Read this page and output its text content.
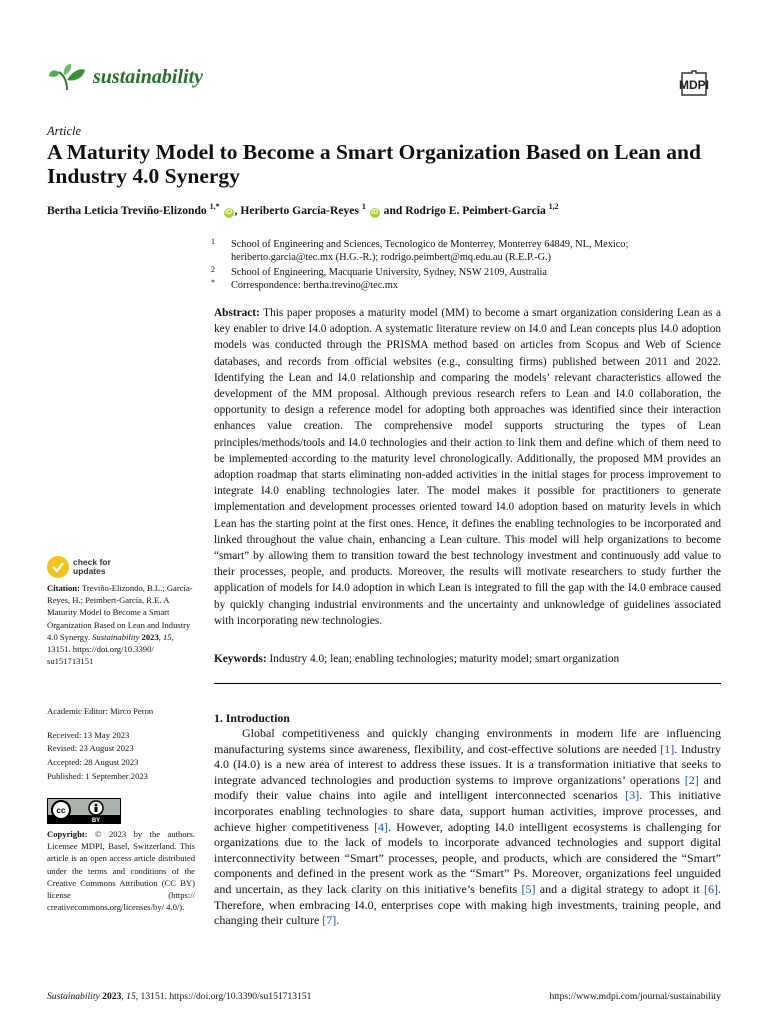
sustainability	MDPI
Article
A Maturity Model to Become a Smart Organization Based on Lean and Industry 4.0 Synergy
Bertha Leticia Treviño-Elizondo $^{1,*}$ iD , Heriberto García-Reyes $^1$ iD and Rodrigo E. Peimbert-García $^{1,2}$
1 School of Engineering and Sciences, Tecnologico de Monterrey, Monterrey 64849, NL, Mexico; heriberto.garcia@tec.mx (H.G.-R.); rodrigo.peimbert@mq.edu.au (R.E.P.-G.)
2 School of Engineering, Macquarie University, Sydney, NSW 2109, Australia
* Correspondence: bertha.trevino@tec.mx
Abstract: This paper proposes a maturity model (MM) to become a smart organization considering Lean as a key enabler to drive I4.0 adoption. A systematic literature review on I4.0 and Lean concepts plus I4.0 adoption models was conducted through the PRISMA method based on articles from Scopus and Web of Science databases, and records from official websites (e.g., consulting firms) published between 2011 and 2022. Identifying the Lean and I4.0 relationship and comparing the models’ relevant characteristics allowed the development of the MM proposal. Although previous research refers to Lean and I4.0 collaboration, the opportunity to design a reference model for adopting both approaches was identified since their interaction enhances value creation. The comprehensive model supports structuring the types of Lean principles/methods/tools and I4.0 technologies and their action to link them and define which of them need to be implemented according to the maturity level chronologically. Additionally, the proposed MM provides an adoption roadmap that starts eliminating non-added activities in the initial stages for process improvement to integrate I4.0 enabling technologies later. The model makes it possible for practitioners to generate implementation and development processes oriented toward I4.0 adoption based on maturity levels in which Lean has the starting point at the first ones. Hence, it defines the enabling technologies to be incorporated and linked throughout the value chain, enhancing a Lean culture. This model will help organizations to become “smart” by allowing them to transition toward the best technology investment and continuously add value to their processes, people, and products. Moreover, the results will motivate researchers to study further the application of models for I4.0 adoption in which Lean is integrated to fill the gap with the I4.0 embrace caused by quickly changing industrial environments and the uncertainty and unknowledge of guidelines associated with incorporating new technologies.
Keywords: Industry 4.0; lean; enabling technologies; maturity model; smart organization
1. Introduction

Global competitiveness and quickly changing environments in modern life are influencing manufacturing systems since awareness, flexibility, and cost-effective solutions are needed [1]. Industry 4.0 (I4.0) is a new area of interest to address these issues. It is a transformation initiative that seeks to integrate advanced technologies and production systems to improve organizations’ operations [2] and modify their value chains into agile and intelligent interconnected scenarios [3]. This initiative incorporates enabling technologies to share data, support human activities, improve processes, and achieve higher competitiveness [4]. However, adopting I4.0 intelligent ecosystems is challenging for organizations due to the lack of models to incorporate advanced technologies and support digital interconnectivity between “Smart” processes, people, and products, which are considered the “Smart” components and defined in the present work as the “Smart” Ps. Moreover, organizations feel unguided and uncertain, as they lack clarity on this initiative’s benefits [5] and a digital strategy to adopt it [6]. Therefore, when embracing I4.0, enterprises cope with making high investments, training people, and changing their culture [7].

check for
updates
Citation: Treviño-Elizondo, B.L.; García-Reyes, H.; Peimbert-García, R.E. A Maturity Model to Become a Smart Organization Based on Lean and Industry 4.0 Synergy. Sustainability 2023, 15, 13151. https://doi.org/10.3390/ su151713151
Academic Editor: Mirco Peron
Received: 13 May 2023
Revised: 23 August 2023
Accepted: 28 August 2023
Published: 1 September 2023
cc
BY
Copyright: © 2023 by the authors. Licensee MDPI, Basel, Switzerland. This article is an open access article distributed under the terms and conditions of the Creative Commons Attribution (CC BY) license (https:// creativecommons.org/licenses/by/ 4.0/).
Sustainability 2023, 15, 13151. https://doi.org/10.3390/su151713151	https://www.mdpi.com/journal/sustainability
